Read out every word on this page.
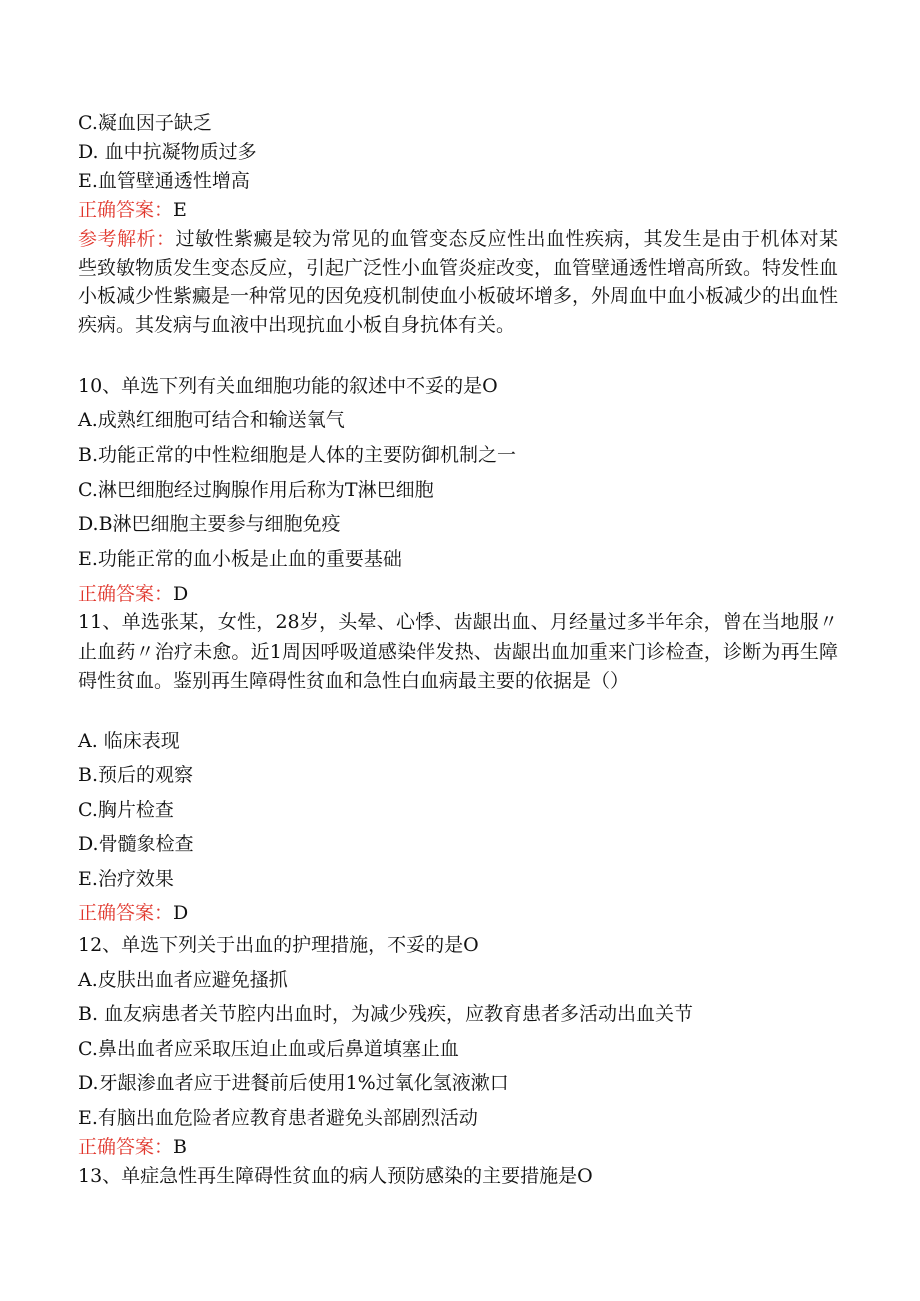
C.凝血因子缺乏
D. 血中抗凝物质过多
E.血管壁通透性增高
正确答案：E
参考解析：过敏性紫癜是较为常见的血管变态反应性出血性疾病，其发生是由于机体对某些致敏物质发生变态反应，引起广泛性小血管炎症改变，血管壁通透性增高所致。特发性血小板减少性紫癜是一种常见的因免疫机制使血小板破坏增多，外周血中血小板减少的出血性疾病。其发病与血液中出现抗血小板自身抗体有关。
10、单选下列有关血细胞功能的叙述中不妥的是O
A.成熟红细胞可结合和输送氧气
B.功能正常的中性粒细胞是人体的主要防御机制之一
C.淋巴细胞经过胸腺作用后称为T淋巴细胞
D.B淋巴细胞主要参与细胞免疫
E.功能正常的血小板是止血的重要基础
正确答案：D
11、单选张某，女性，28岁，头晕、心悸、齿龈出血、月经量过多半年余，曾在当地服〃止血药〃治疗未愈。近1周因呼吸道感染伴发热、齿龈出血加重来门诊检查，诊断为再生障碍性贫血。鉴别再生障碍性贫血和急性白血病最主要的依据是（）
A. 临床表现
B.预后的观察
C.胸片检查
D.骨髓象检查
E.治疗效果
正确答案：D
12、单选下列关于出血的护理措施，不妥的是O
A.皮肤出血者应避免搔抓
B. 血友病患者关节腔内出血时，为减少残疾，应教育患者多活动出血关节
C.鼻出血者应采取压迫止血或后鼻道填塞止血
D.牙龈渗血者应于进餐前后使用1%过氧化氢液漱口
E.有脑出血危险者应教育患者避免头部剧烈活动
正确答案：B
13、单症急性再生障碍性贫血的病人预防感染的主要措施是O
